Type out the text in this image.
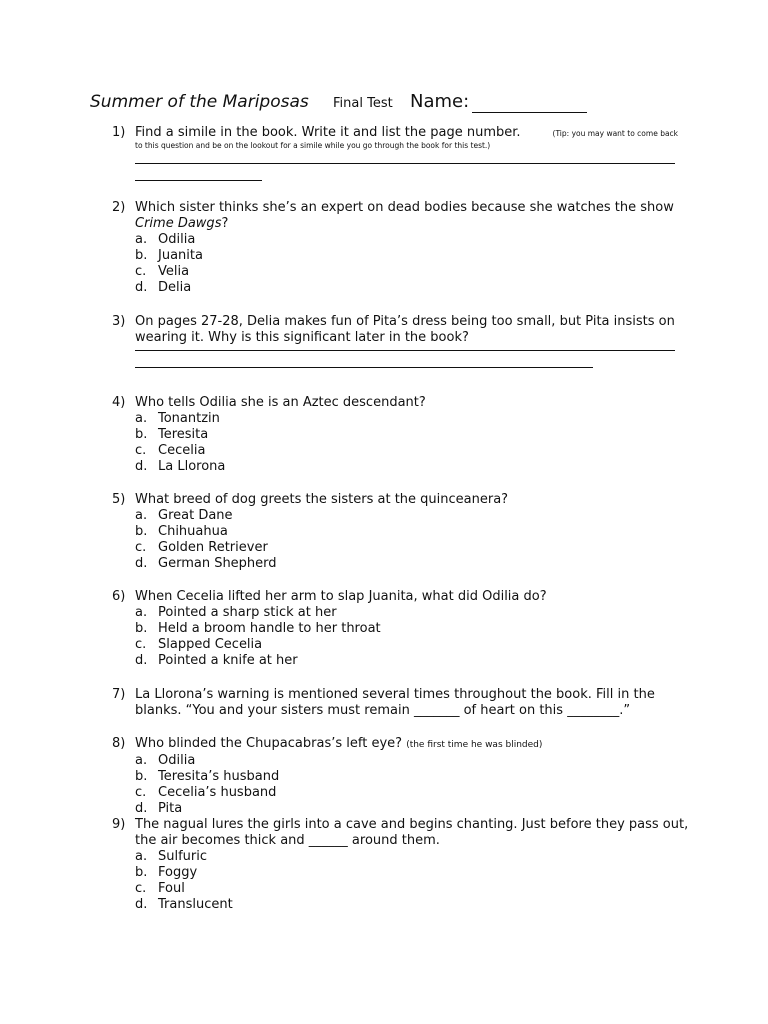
Summer of the Mariposas Final Test Name:
1) Find a simile in the book. Write it and list the page number.	(Tip: you may want to come back
to this question and be on the lookout for a simile while you go through the book for this test.)
2) Which sister thinks she’s an expert on dead bodies because she watches the show
Crime Dawgs?
a. Odilia
b. Juanita
c. Velia
d. Delia
3) On pages 27-28, Delia makes fun of Pita’s dress being too small, but Pita insists on
wearing it. Why is this significant later in the book?
4) Who tells Odilia she is an Aztec descendant?
a. Tonantzin
b. Teresita
c. Cecelia
d. La Llorona
5) What breed of dog greets the sisters at the quinceanera?
a. Great Dane
b. Chihuahua
c. Golden Retriever
d. German Shepherd
6) When Cecelia lifted her arm to slap Juanita, what did Odilia do?
a. Pointed a sharp stick at her
b. Held a broom handle to her throat
c. Slapped Cecelia
d. Pointed a knife at her
7) La Llorona’s warning is mentioned several times throughout the book. Fill in the
blanks. “You and your sisters must remain _______ of heart on this ________.”
8) Who blinded the Chupacabras’s left eye? (the first time he was blinded)
a. Odilia
b. Teresita’s husband
c. Cecelia’s husband
d. Pita
9) The nagual lures the girls into a cave and begins chanting. Just before they pass out,
the air becomes thick and ______ around them.
a. Sulfuric
b. Foggy
c. Foul
d. Translucent
